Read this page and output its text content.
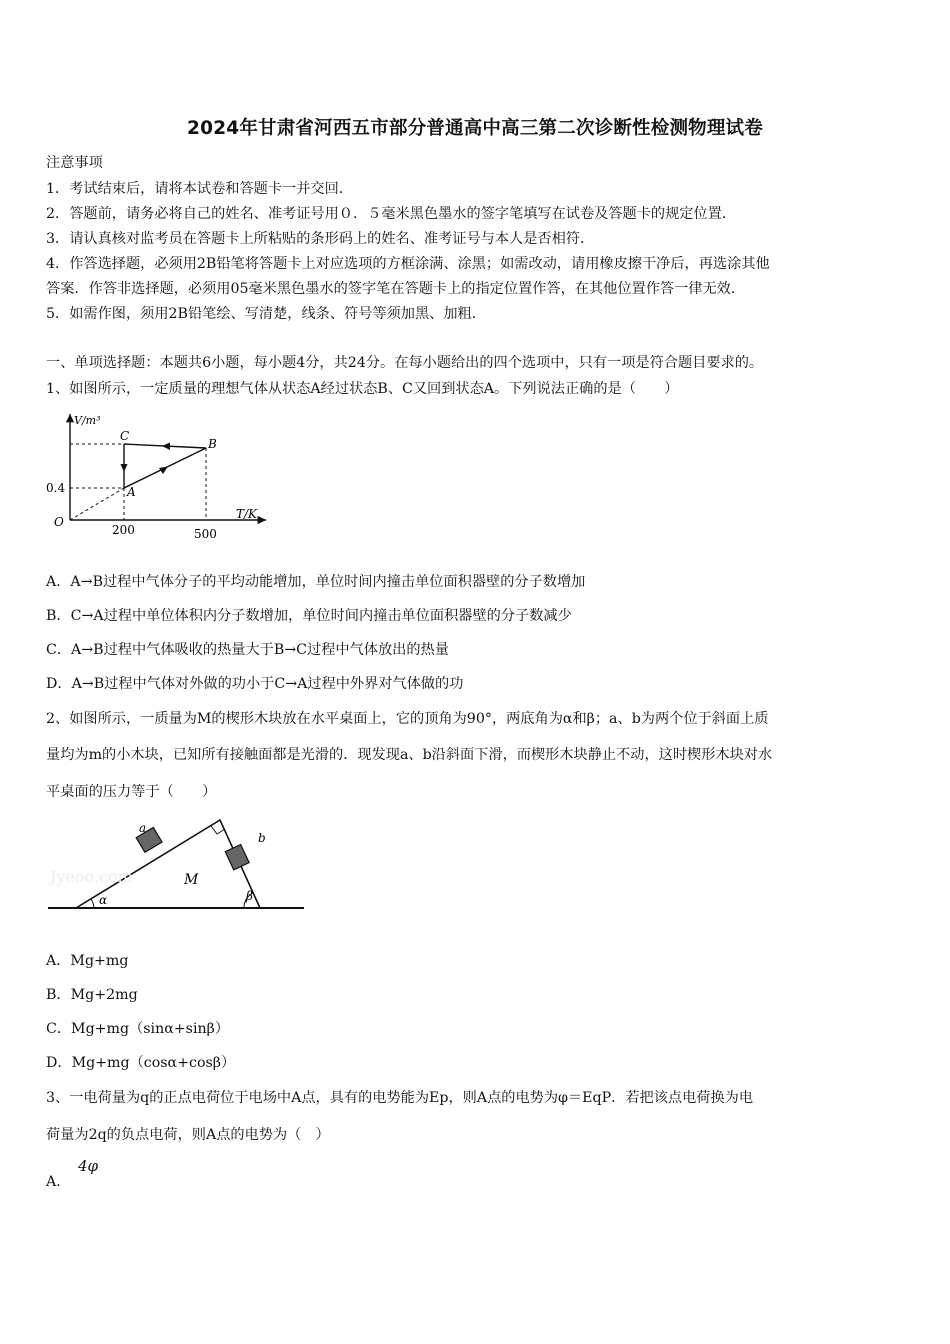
2024年甘肃省河西五市部分普通高中高三第二次诊断性检测物理试卷
注意事项
1．考试结束后，请将本试卷和答题卡一并交回．
2．答题前，请务必将自己的姓名、准考证号用０．５毫米黑色墨水的签字笔填写在试卷及答题卡的规定位置．
3．请认真核对监考员在答题卡上所粘贴的条形码上的姓名、准考证号与本人是否相符．
4．作答选择题，必须用2B铅笔将答题卡上对应选项的方框涂满、涂黑；如需改动，请用橡皮擦干净后，再选涂其他
答案．作答非选择题，必须用05毫米黑色墨水的签字笔在答题卡上的指定位置作答，在其他位置作答一律无效．
5．如需作图，须用2B铅笔绘、写清楚，线条、符号等须加黑、加粗．
一、单项选择题：本题共6小题，每小题4分，共24分。在每小题给出的四个选项中，只有一项是符合题目要求的。
1、如图所示，一定质量的理想气体从状态A经过状态B、C又回到状态A。下列说法正确的是（　　）
V/m³
T/K
0.4
200	500
O
A
B
C
A．A→B过程中气体分子的平均动能增加，单位时间内撞击单位面积器壁的分子数增加
B．C→A过程中单位体积内分子数增加，单位时间内撞击单位面积器壁的分子数减少
C．A→B过程中气体吸收的热量大于B→C过程中气体放出的热量
D．A→B过程中气体对外做的功小于C→A过程中外界对气体做的功
2、如图所示，一质量为M的楔形木块放在水平桌面上，它的顶角为90°，两底角为α和β；a、b为两个位于斜面上质
量均为m的小木块，已知所有接触面都是光滑的．现发现a、b沿斜面下滑，而楔形木块静止不动，这时楔形木块对水
平桌面的压力等于（　　）
Jyeoo.com
a
b
M
α	β
A．Mg+mg
B．Mg+2mg
C．Mg+mg（sinα+sinβ）
D．Mg+mg（cosα+cosβ）
3、一电荷量为q的正点电荷位于电场中A点，具有的电势能为Ep，则A点的电势为φ＝EqP．若把该点电荷换为电
荷量为2q的负点电荷，则A点的电势为（　）
A．
4φ
